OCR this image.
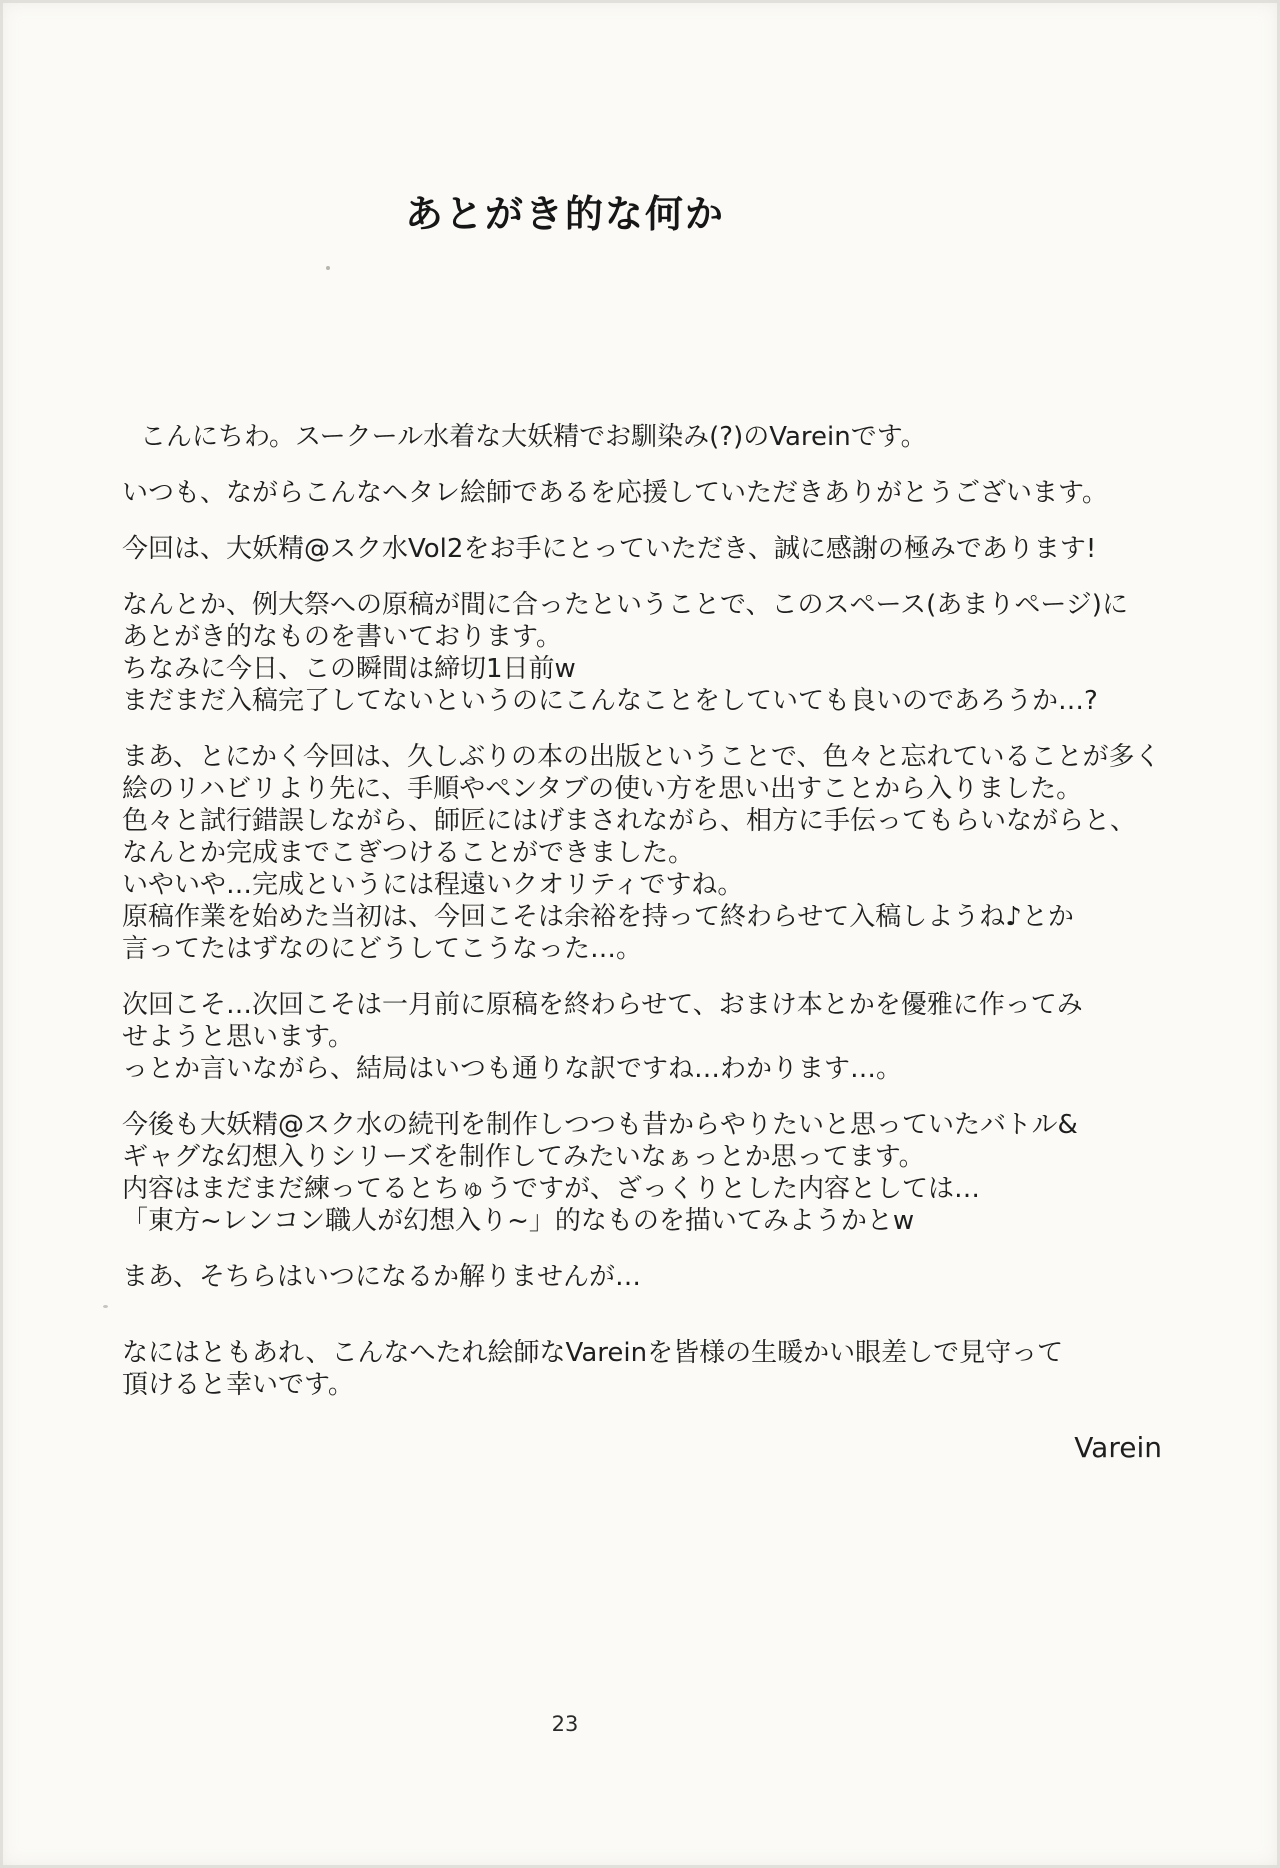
あとがき的な何か
こんにちわ。スークール水着な大妖精でお馴染み(?)のVareinです。
いつも、ながらこんなヘタレ絵師であるを応援していただきありがとうございます。
今回は、大妖精@スク水Vol2をお手にとっていただき、誠に感謝の極みであります!
なんとか、例大祭への原稿が間に合ったということで、このスペース(あまりページ)に
あとがき的なものを書いております。
ちなみに今日、この瞬間は締切1日前w
まだまだ入稿完了してないというのにこんなことをしていても良いのであろうか…?
まあ、とにかく今回は、久しぶりの本の出版ということで、色々と忘れていることが多く
絵のリハビリより先に、手順やペンタブの使い方を思い出すことから入りました。
色々と試行錯誤しながら、師匠にはげまされながら、相方に手伝ってもらいながらと、
なんとか完成までこぎつけることができました。
いやいや…完成というには程遠いクオリティですね。
原稿作業を始めた当初は、今回こそは余裕を持って終わらせて入稿しようね♪とか
言ってたはずなのにどうしてこうなった…。
次回こそ…次回こそは一月前に原稿を終わらせて、おまけ本とかを優雅に作ってみ
せようと思います。
っとか言いながら、結局はいつも通りな訳ですね…わかります…。
今後も大妖精@スク水の続刊を制作しつつも昔からやりたいと思っていたバトル&
ギャグな幻想入りシリーズを制作してみたいなぁっとか思ってます。
内容はまだまだ練ってるとちゅうですが、ざっくりとした内容としては…
「東方~レンコン職人が幻想入り~」的なものを描いてみようかとw
まあ、そちらはいつになるか解りませんが…
なにはともあれ、こんなへたれ絵師なVareinを皆様の生暖かい眼差しで見守って
頂けると幸いです。
Varein
23
